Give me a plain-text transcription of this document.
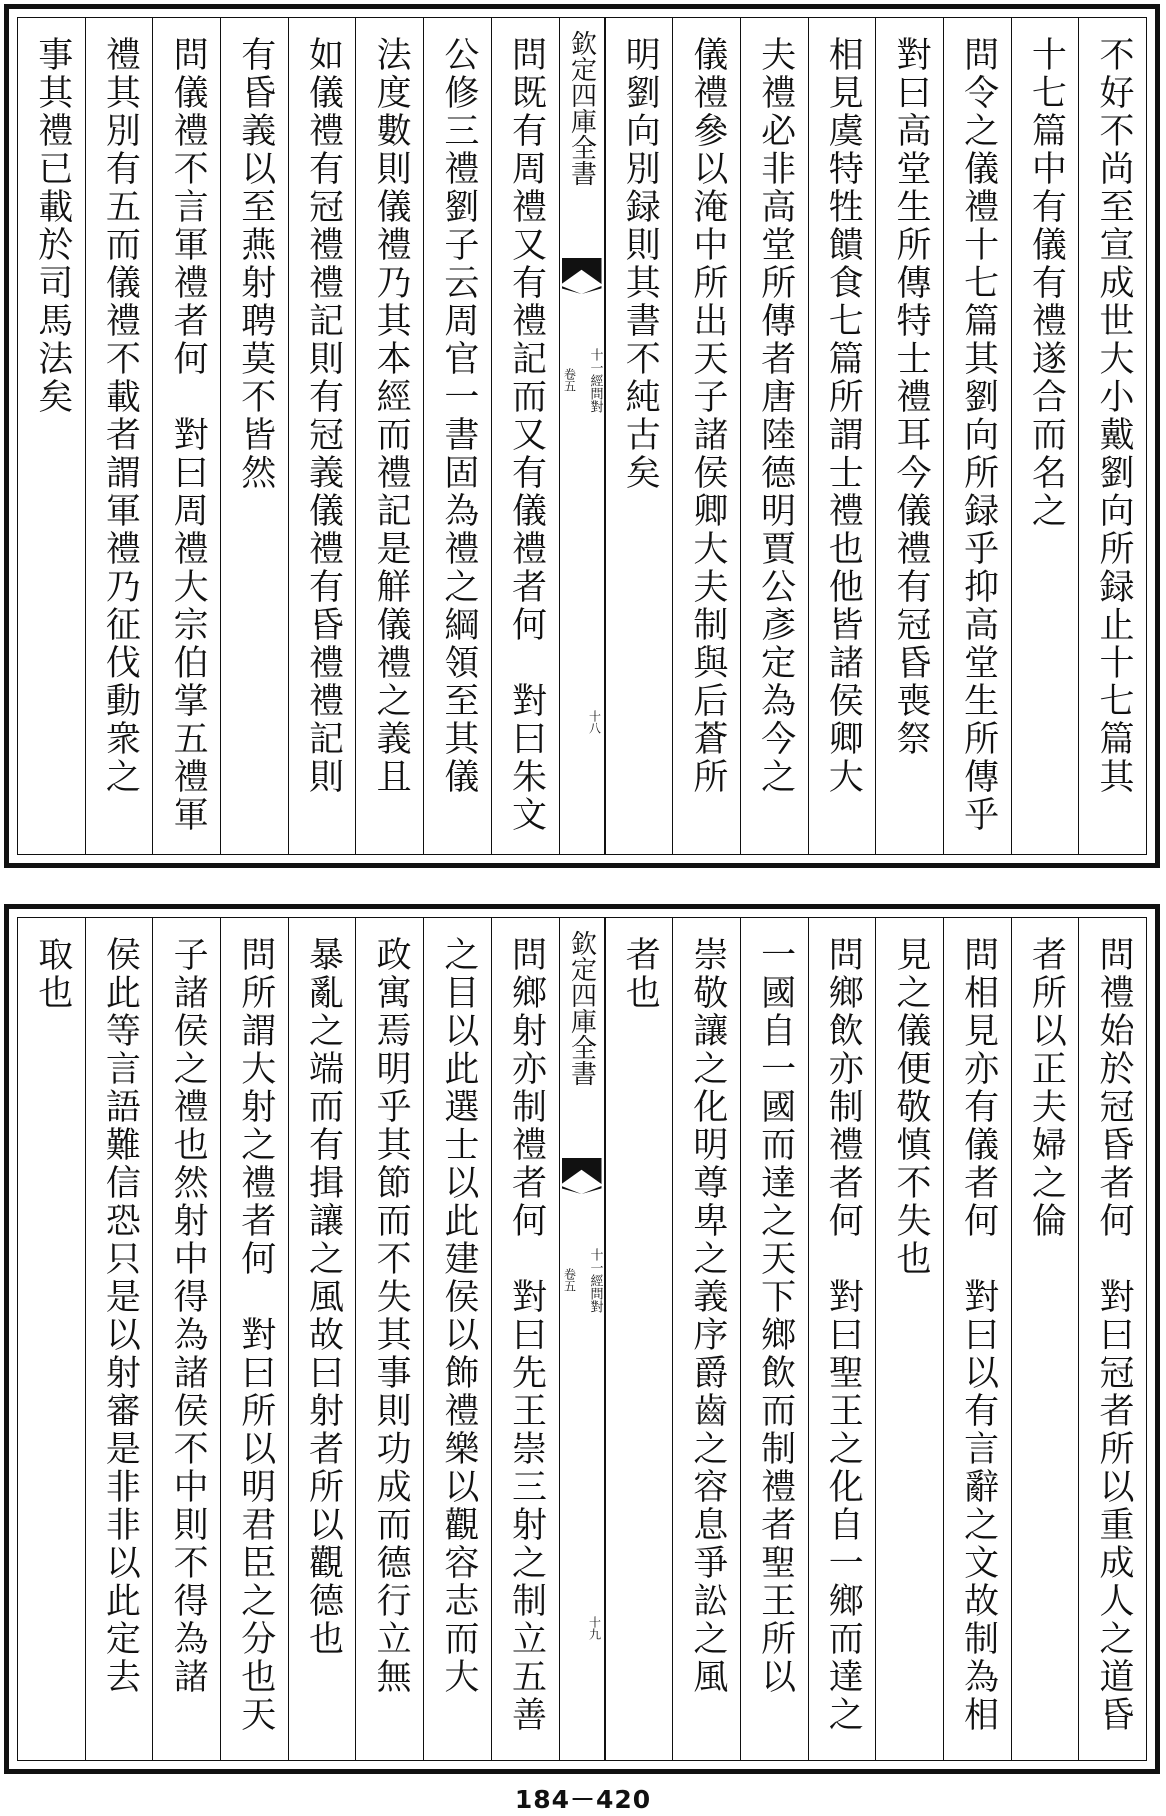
不好不尚至宣成世大小戴劉向所録止十七篇其
十七篇中有儀有禮遂合而名之
問令之儀禮十七篇其劉向所録乎抑高堂生所傳乎
對曰高堂生所傳特士禮耳今儀禮有冠昏喪祭
相見虞特牲饋食七篇所謂士禮也他皆諸侯卿大
夫禮必非高堂所傳者唐陸德明賈公彥定為今之
儀禮參以淹中所出天子諸侯卿大夫制與后蒼所
明劉向別録則其書不純古矣
欽定四庫全書
十一經問對
卷五
十八
問既有周禮又有禮記而又有儀禮者何　對曰朱文
公修三禮劉子云周官一書固為禮之綱領至其儀
法度數則儀禮乃其本經而禮記是觧儀禮之義且
如儀禮有冠禮禮記則有冠義儀禮有昏禮禮記則
有昏義以至燕射聘莫不皆然
問儀禮不言軍禮者何　對曰周禮大宗伯掌五禮軍
禮其別有五而儀禮不載者謂軍禮乃征伐動衆之
事其禮已載於司馬法矣
問禮始於冠昏者何　對曰冠者所以重成人之道昏
者所以正夫婦之倫
問相見亦有儀者何　對曰以有言辭之文故制為相
見之儀便敬慎不失也
問鄉飲亦制禮者何　對曰聖王之化自一鄉而達之
一國自一國而達之天下鄉飲而制禮者聖王所以
崇敬讓之化明尊卑之義序爵齒之容息爭訟之風
者也
欽定四庫全書
十一經問對
卷五
十九
問鄉射亦制禮者何　對曰先王崇三射之制立五善
之目以此選士以此建侯以飾禮樂以觀容志而大
政寓焉明乎其節而不失其事則功成而德行立無
暴亂之端而有揖讓之風故曰射者所以觀德也
問所謂大射之禮者何　對曰所以明君臣之分也天
子諸侯之禮也然射中得為諸侯不中則不得為諸
侯此等言語難信恐只是以射審是非非以此定去
取也
184－420
